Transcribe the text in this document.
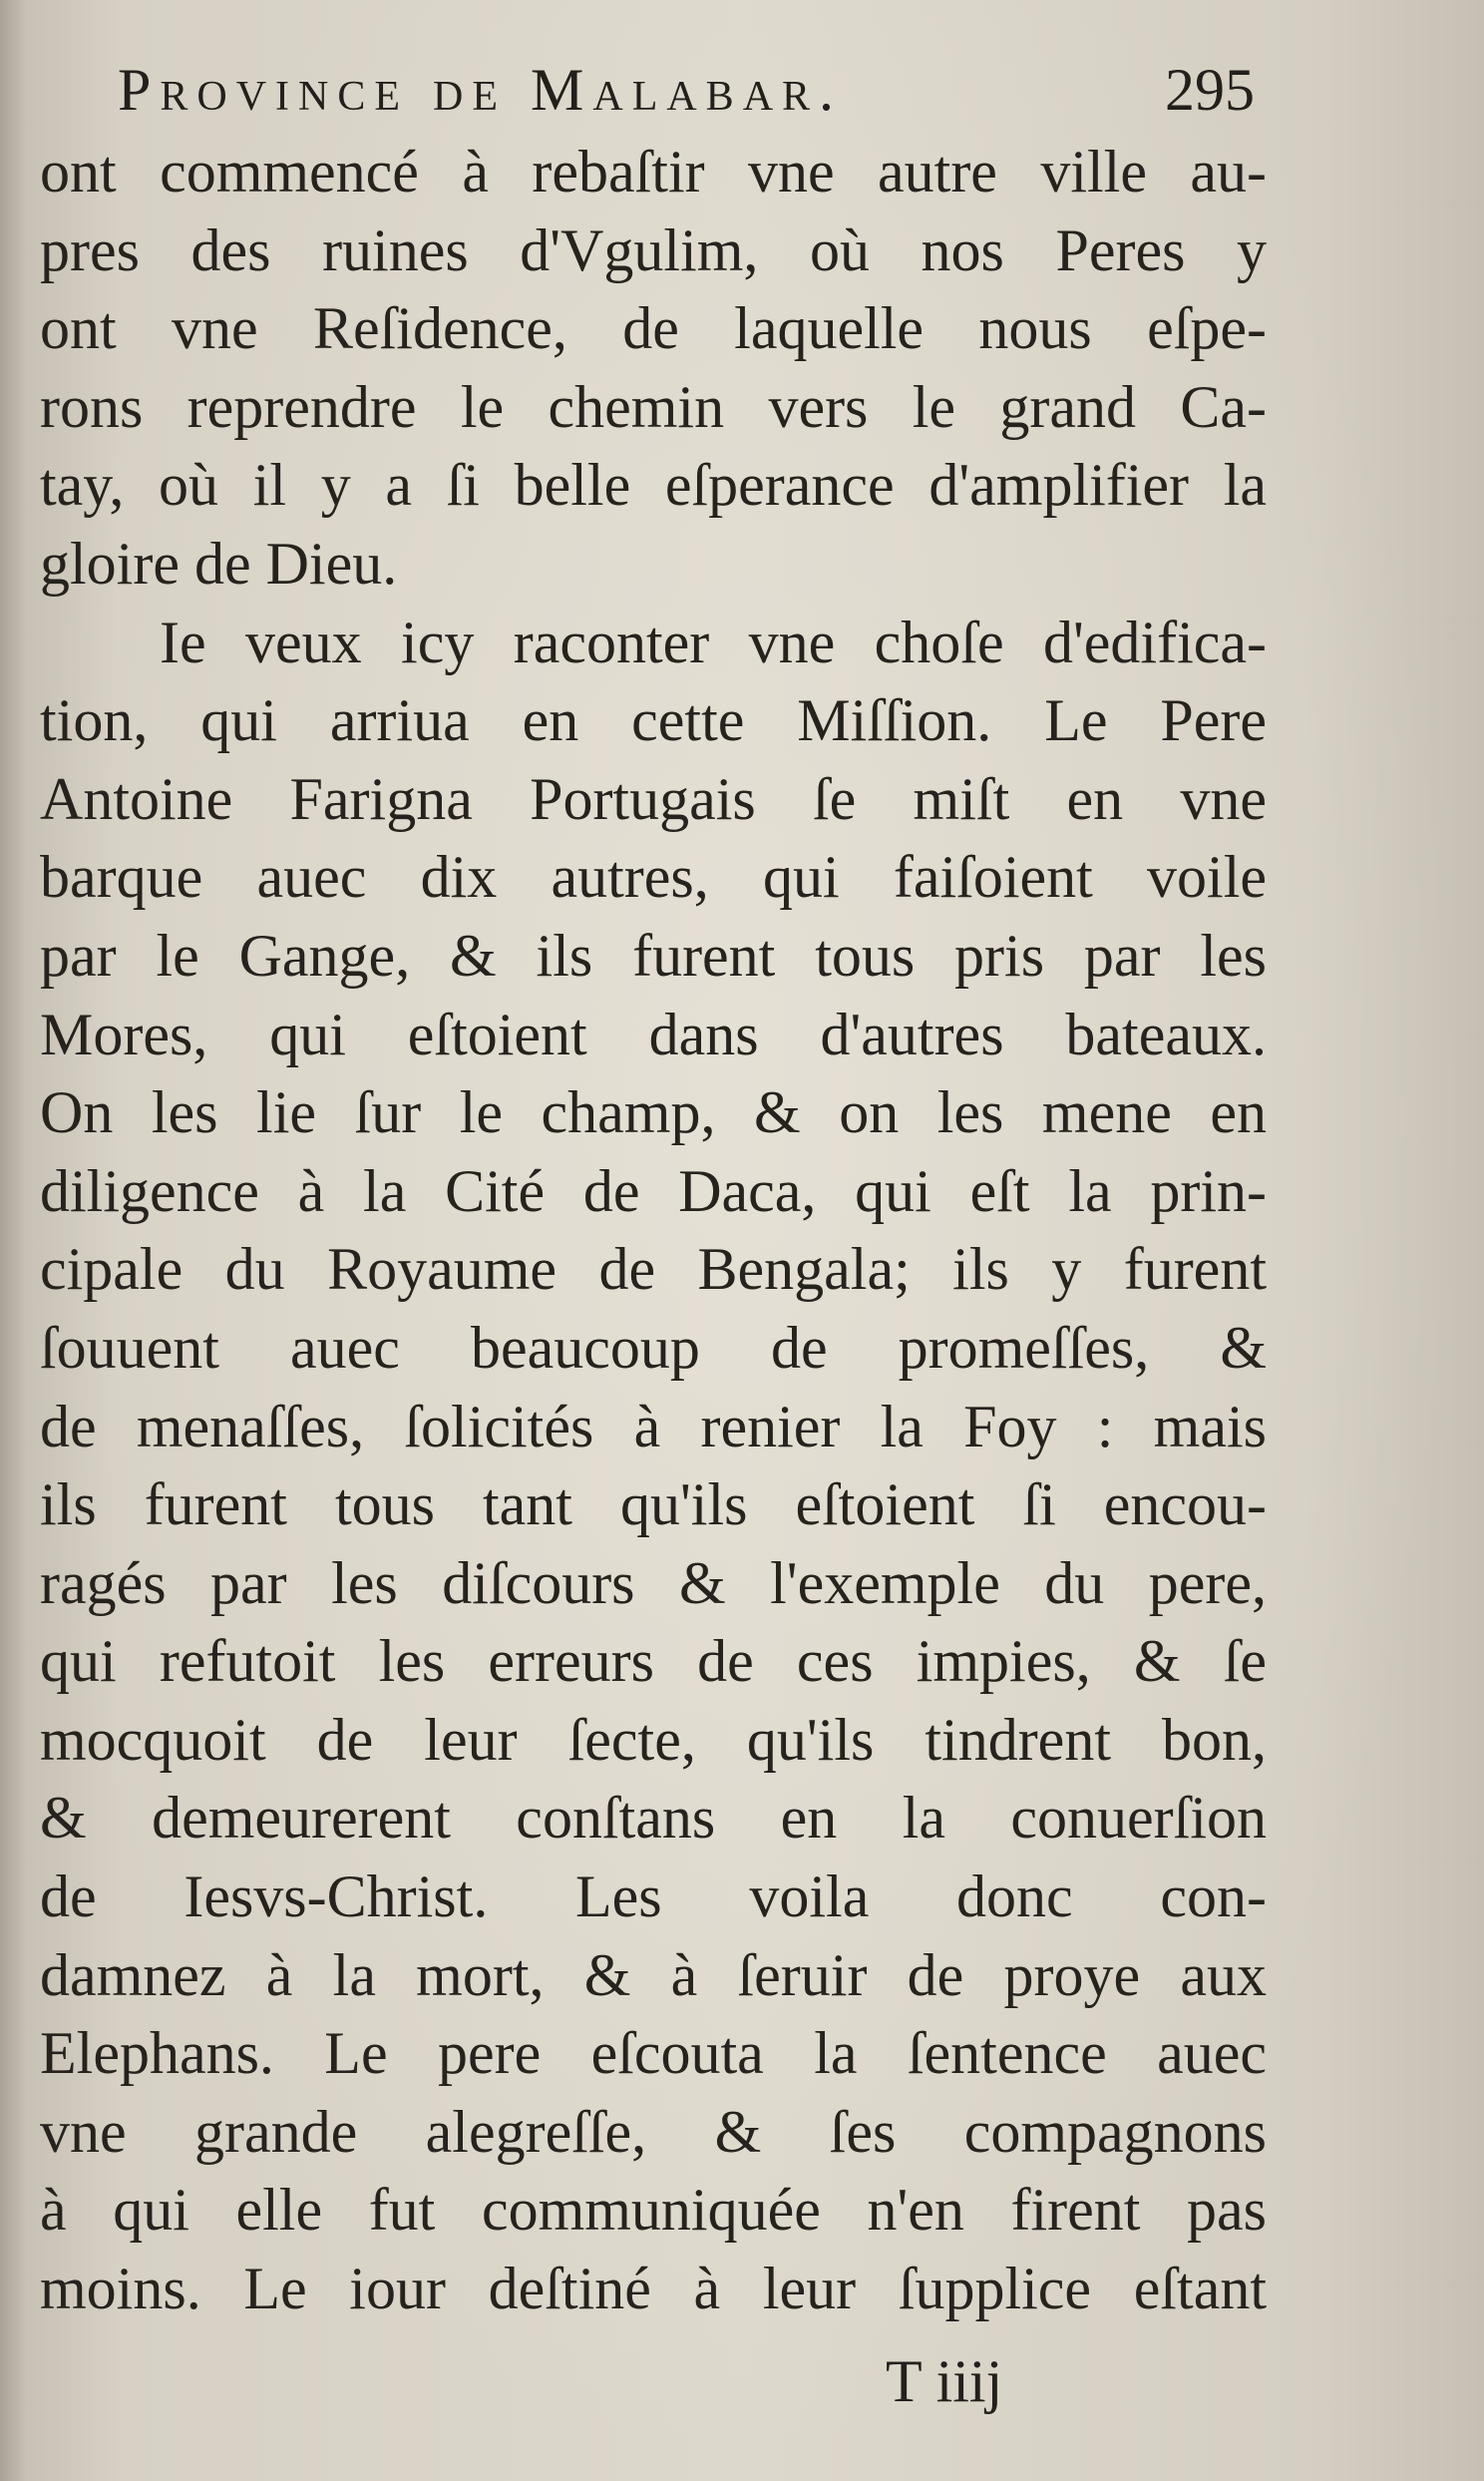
Province de Malabar.	295
ont commencé à rebaſtir vne autre ville au-
pres des ruines d'Vgulim, où nos Peres y
ont vne Reſidence, de laquelle nous eſpe-
rons reprendre le chemin vers le grand Ca-
tay, où il y a ſi belle eſperance d'amplifier la
gloire de Dieu.
Ie veux icy raconter vne choſe d'edifica-
tion, qui arriua en cette Miſſion. Le Pere
Antoine Farigna Portugais ſe miſt en vne
barque auec dix autres, qui faiſoient voile
par le Gange, & ils furent tous pris par les
Mores, qui eſtoient dans d'autres bateaux.
On les lie ſur le champ, & on les mene en
diligence à la Cité de Daca, qui eſt la prin-
cipale du Royaume de Bengala; ils y furent
ſouuent auec beaucoup de promeſſes, &
de menaſſes, ſolicités à renier la Foy : mais
ils furent tous tant qu'ils eſtoient ſi encou-
ragés par les diſcours & l'exemple du pere,
qui refutoit les erreurs de ces impies, & ſe
mocquoit de leur ſecte, qu'ils tindrent bon,
& demeurerent conſtans en la conuerſion
de Iesvs-Christ. Les voila donc con-
damnez à la mort, & à ſeruir de proye aux
Elephans. Le pere eſcouta la ſentence auec
vne grande alegreſſe, & ſes compagnons
à qui elle fut communiquée n'en firent pas
moins. Le iour deſtiné à leur ſupplice eſtant
T iiij
